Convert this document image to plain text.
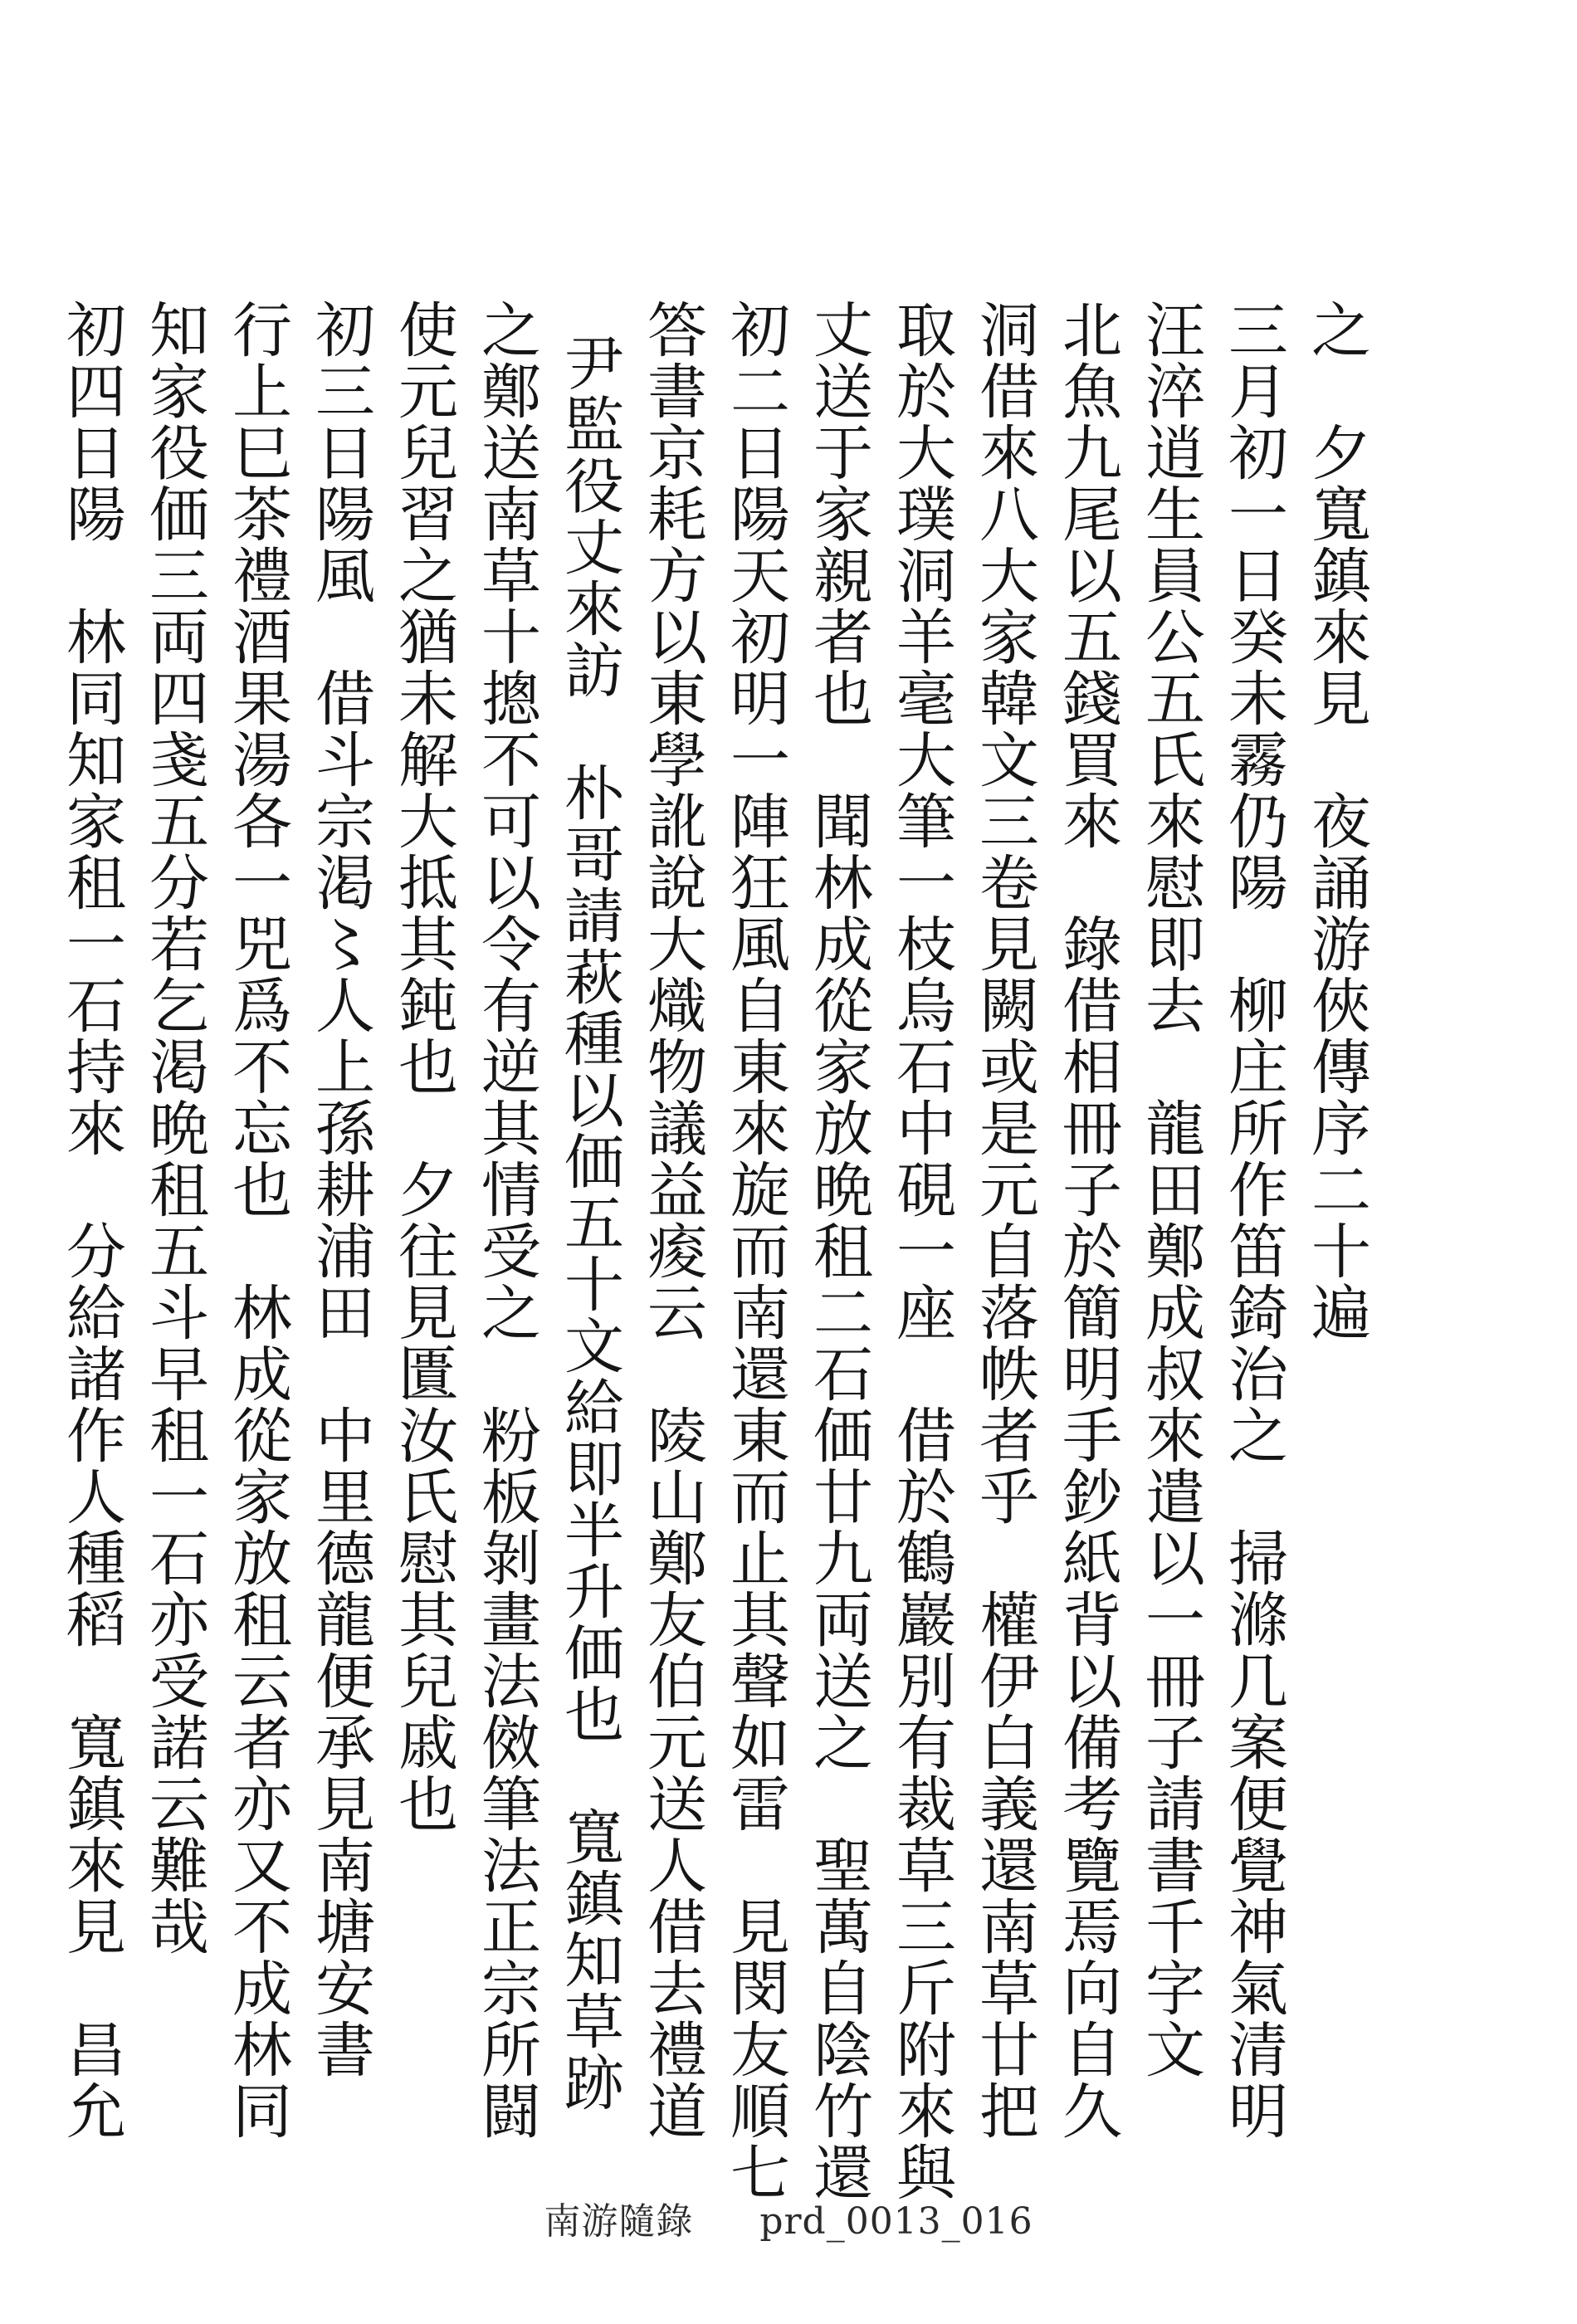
之　夕寬鎮來見　夜誦游俠傳序二十遍
三月初一日癸未霧仍陽　柳庄所作笛錡治之　掃滌几案便覺神氣清明
汪淬逍生員公五氏來慰即去　龍田鄭成叔來遣以一冊子請書千字文
北魚九尾以五錢買來　錄借相冊子於簡明手鈔紙背以備考覽焉向自久
洞借來八大家韓文三卷見闕或是元自落帙者乎　權伊白義還南草廿把
取於大璞洞羊毫大筆一枝烏石中硯一座　借於鶴巖別有裁草三斤附來與
丈送于家親者也　聞林成從家放晩租二石価廿九両送之　聖萬自陰竹還
初二日陽天初明一陣狂風自東來旋而南還東而止其聲如雷　見閔友順七
答書京耗方以東學訛說大熾物議益痠云　陵山鄭友伯元送人借去禮道
尹監役丈來訪　朴哥請萩種以価五十文給即半升価也　寬鎮知草跡
之鄭送南草十摠不可以令有逆其情受之　粉板剝畫法傚筆法正宗所闘
使元兒習之猶未解大抵其鈍也　夕往見匱汝氏慰其兒戚也
初三日陽風　借斗宗渇〻人上孫耕浦田　中里德龍便承見南塘安書
行上巳茶禮酒果湯各一兕爲不忘也　林成從家放租云者亦又不成林同
知家役価三両四戔五分若乞渇晩租五斗早租一石亦受諾云難哉
初四日陽　林同知家租一石持來　分給諸作人種稻　寬鎮來見　昌允
南游隨錄 prd_0013_016
